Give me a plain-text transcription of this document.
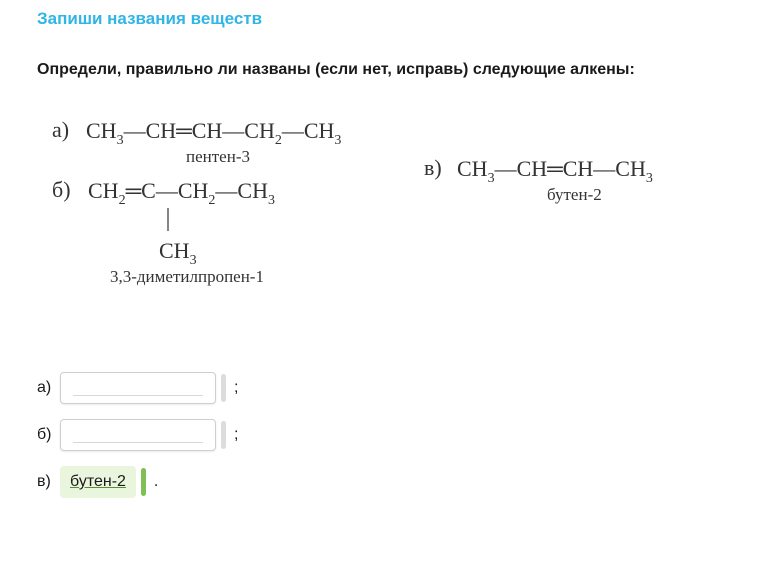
Запиши названия веществ
Определи, правильно ли названы (если нет, исправь) следующие алкены:
а) $CH_3—CH═CH—CH_2—CH_3$
пентен-3
б) $CH_2═C—CH_2—CH_3$
$CH_3$
3,3-диметилпропен-1
в) $CH_3—CH═CH—CH_3$
бутен-2
а)	;
б)	;
в)	бутен-2 .
